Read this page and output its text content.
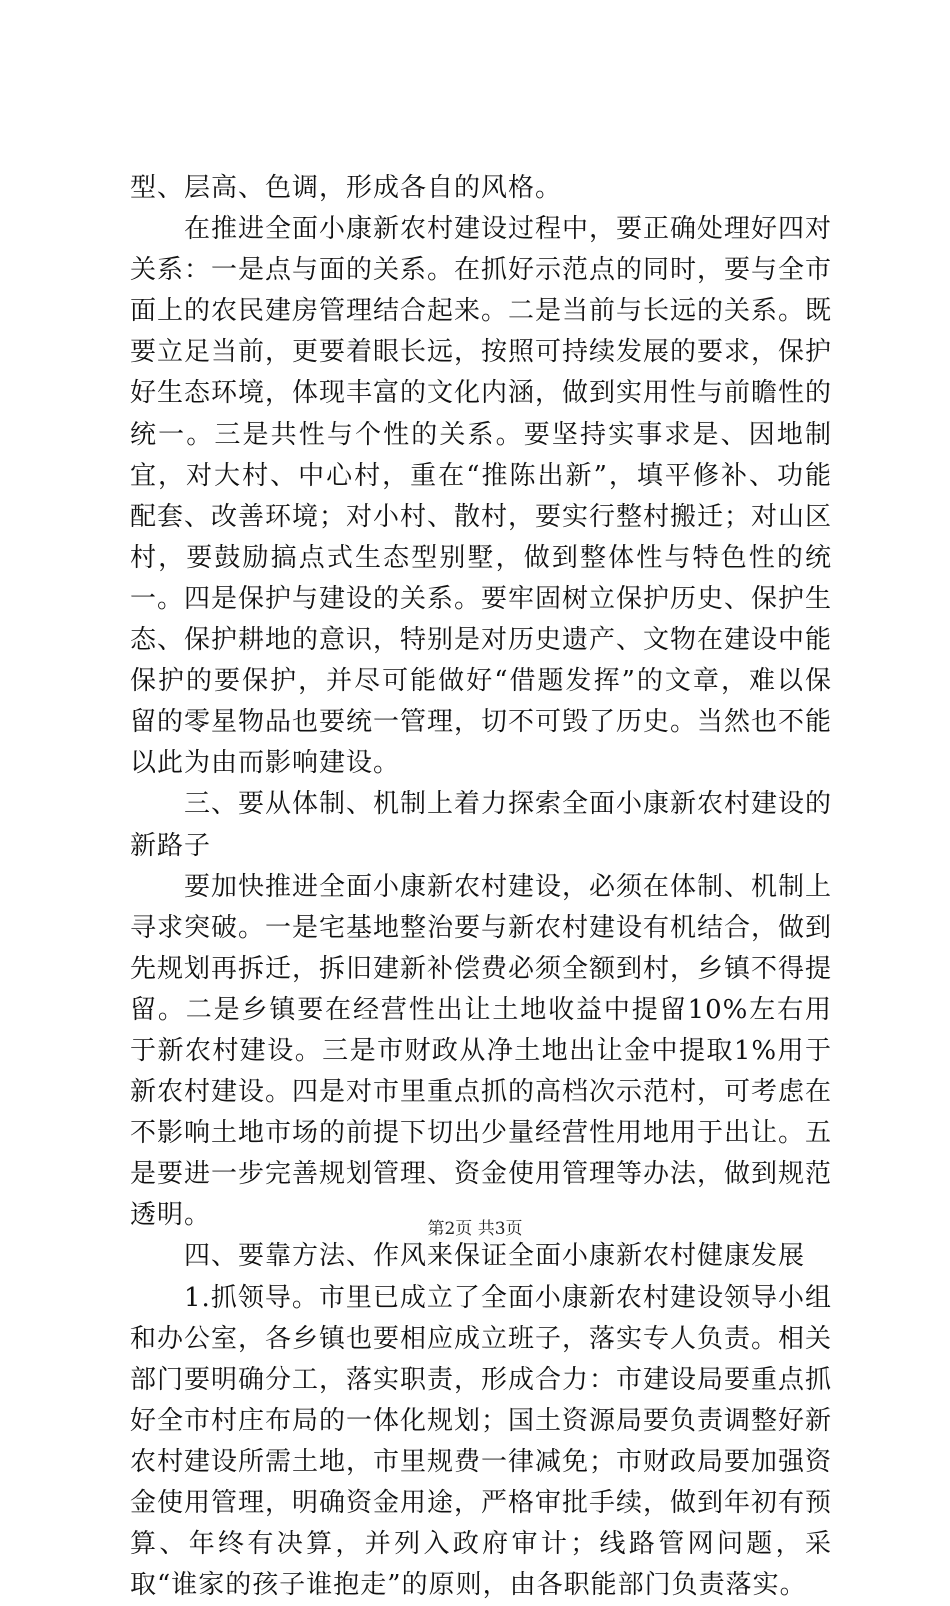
型、层高、色调，形成各自的风格。

在推进全面小康新农村建设过程中，要正确处理好四对关系：一是点与面的关系。在抓好示范点的同时，要与全市面上的农民建房管理结合起来。二是当前与长远的关系。既要立足当前，更要着眼长远，按照可持续发展的要求，保护好生态环境，体现丰富的文化内涵，做到实用性与前瞻性的统一。三是共性与个性的关系。要坚持实事求是、因地制宜，对大村、中心村，重在“推陈出新”，填平修补、功能配套、改善环境；对小村、散村，要实行整村搬迁；对山区村，要鼓励搞点式生态型别墅，做到整体性与特色性的统一。四是保护与建设的关系。要牢固树立保护历史、保护生态、保护耕地的意识，特别是对历史遗产、文物在建设中能保护的要保护，并尽可能做好“借题发挥”的文章，难以保留的零星物品也要统一管理，切不可毁了历史。当然也不能以此为由而影响建设。

三、要从体制、机制上着力探索全面小康新农村建设的新路子

要加快推进全面小康新农村建设，必须在体制、机制上寻求突破。一是宅基地整治要与新农村建设有机结合，做到先规划再拆迁，拆旧建新补偿费必须全额到村，乡镇不得提留。二是乡镇要在经营性出让土地收益中提留10%左右用于新农村建设。三是市财政从净土地出让金中提取1%用于新农村建设。四是对市里重点抓的高档次示范村，可考虑在不影响土地市场的前提下切出少量经营性用地用于出让。五是要进一步完善规划管理、资金使用管理等办法，做到规范透明。

四、要靠方法、作风来保证全面小康新农村健康发展

1.抓领导。市里已成立了全面小康新农村建设领导小组和办公室，各乡镇也要相应成立班子，落实专人负责。相关部门要明确分工，落实职责，形成合力：市建设局要重点抓好全市村庄布局的一体化规划；国土资源局要负责调整好新农村建设所需土地，市里规费一律减免；市财政局要加强资金使用管理，明确资金用途，严格审批手续，做到年初有预算、年终有决算，并列入政府审计；线路管网问题，采取“谁家的孩子谁抱走”的原则，由各职能部门负责落实。

第2页 共3页
